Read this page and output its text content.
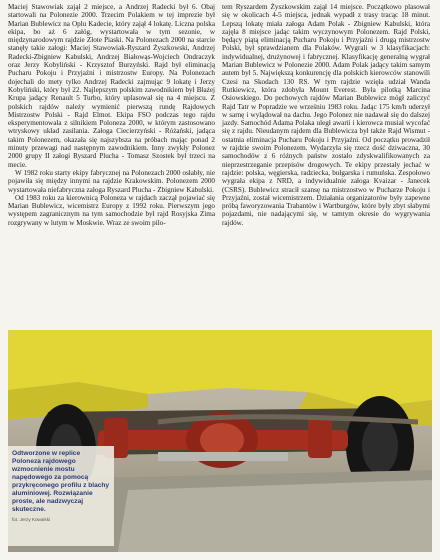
Maciej Stawowiak zajął 2 miejsce, a Andrzej Radecki był 6. Obaj startowali na Polonezie 2000. Trzecim Polakiem w tej imprezie był Marian Bublewicz na Oplu Kadecie, który zajął 4 lokatę. Liczna polska ekipa, bo aż 6 załóg, wystartowała w tym sezonie, w międzynarodowym rajdzie Złote Piaski. Na Polonezach 2000 na starcie stanęły takie załogi: Maciej Stawowiak-Ryszard Żyszkowski, Andrzej Radecki-Zbigniew Kabulski, Andrzej Białowąs-Wojciech Ondraczyk oraz Jerzy Kobyliński - Krzysztof Burzyński. Rajd był eliminacją Pucharu Pokoju i Przyjaźni i mistrzostw Europy. Na Polonezach dojechali do mety tylko Andrzej Radecki zajmując 9 lokatę i Jerzy Kobyliński, który był 22. Najlepszym polskim zawodnikiem był Błażej Krupa jadący Renault 5 Turbo, który uplasował się na 4 miejscu. Z polskich rajdów należy wymienić pierwszą rundę Rajdowych Mistrzostw Polski - Rajd Elmot. Ekipa FSO podczas tego rajdu eksperymentowała z silnikiem Poloneza 2000, w którym zastosowano wtryskowy układ zasilania. Załoga Ciecierzyński - Różański, jadąca takim Polonezem, okazała się najszybsza na próbach mając ponad 2 minuty przewagi nad następnym zawodnikiem. Inny zwykły Polonez 2000 grupy II załogi Ryszard Plucha - Tomasz Szostek był trzeci na mecie.

W 1982 roku starty ekipy fabrycznej na Polonezach 2000 osłabły, nie pojawiła się między innymi na rajdzie Krakowskim. Polonezem 2000 wystartowała niefabryczna załoga Ryszard Plucha - Zbigniew Kabulski.

Od 1983 roku za kierownicą Poloneza w rajdach zaczął pojawiać się Marian Bublewicz, wicemistrz Europy z 1992 roku. Pierwszym jego występem zagranicznym na tym samochodzie był rajd Rosyjska Zima rozgrywany w lutym w Moskwie. Wraz ze swoim pilo-

tem Ryszardem Żyszkowskim zajął 14 miejsce. Początkowo plasował się w okolicach 4-5 miejsca, jednak wypadł z trasy tracąc 18 minut. Lepszą lokatę miała załoga Adam Polak - Zbigniew Kabulski, która zajęła 8 miejsce jadąc takim wyczynowym Polonezem. Rajd Polski, będący piątą eliminacją Pucharu Pokoju i Przyjaźni i drugą mistrzostw Polski, był sprawdzianem dla Polaków. Wygrali w 3 klasyfikacjach: indywidualnej, drużynowej i fabrycznej. Klasyfikację generalną wygrał Marian Bublewicz w Polonezie 2000. Adam Polak jadący takim samym autem był 5. Największą konkurencję dla polskich kierowców stanowili Czesi na Skodach 130 RS. W tym rajdzie wzięła udział Wanda Rutkiewicz, która zdobyła Mount Everest. Była pilotką Marcina Osiowskiego. Do pechowych rajdów Marian Bublewicz mógł zaliczyć Rajd Tatr w Popradzie we wrześniu 1983 roku. Jadąc 175 km/h uderzył w sarnę i wylądował na dachu. Jego Polonez nie nadawał się do dalszej jazdy. Samochód Adama Polaka uległ awarii i kierowca musiał wycofać się z rajdu. Nieudanym rajdem dla Bublewicza był także Rajd Wismut - ostatnia eliminacja Pucharu Pokoju i Przyjaźni. Od początku prowadził w rajdzie swoim Polonezem. Wydarzyła się rzecz dość dziwaczna, 30 samochodów z 6 różnych państw zostało zdyskwalifikowanych za nieprzestrzeganie przepisów drogowych. Te ekipy przestały jechać w rajdzie: polska, węgierska, radziecka, bułgarska i rumuńska. Zespołowo wygrała ekipa z NRD, a indywidualnie załoga Kvaizar - Janecek (CSRS). Bublewicz stracił szansę na mistrzostwo w Pucharze Pokoju i Przyjaźni, został wicemistrzem. Działania organizatorów były zapewne próbą faworyzowania Trabantów i Wartburgów, które były zbyt słabymi pojazdami, nie nadającymi się, w tamtym okresie do wygrywania rajdów.

Odtworzone w replice Poloneza rajdowego wzmocnienie mostu napędowego za pomocą przykręconego profilu z blachy aluminiowej. Rozwiązanie proste, ale nadzwyczaj skuteczne.
fot. Jerzy Kowalski
